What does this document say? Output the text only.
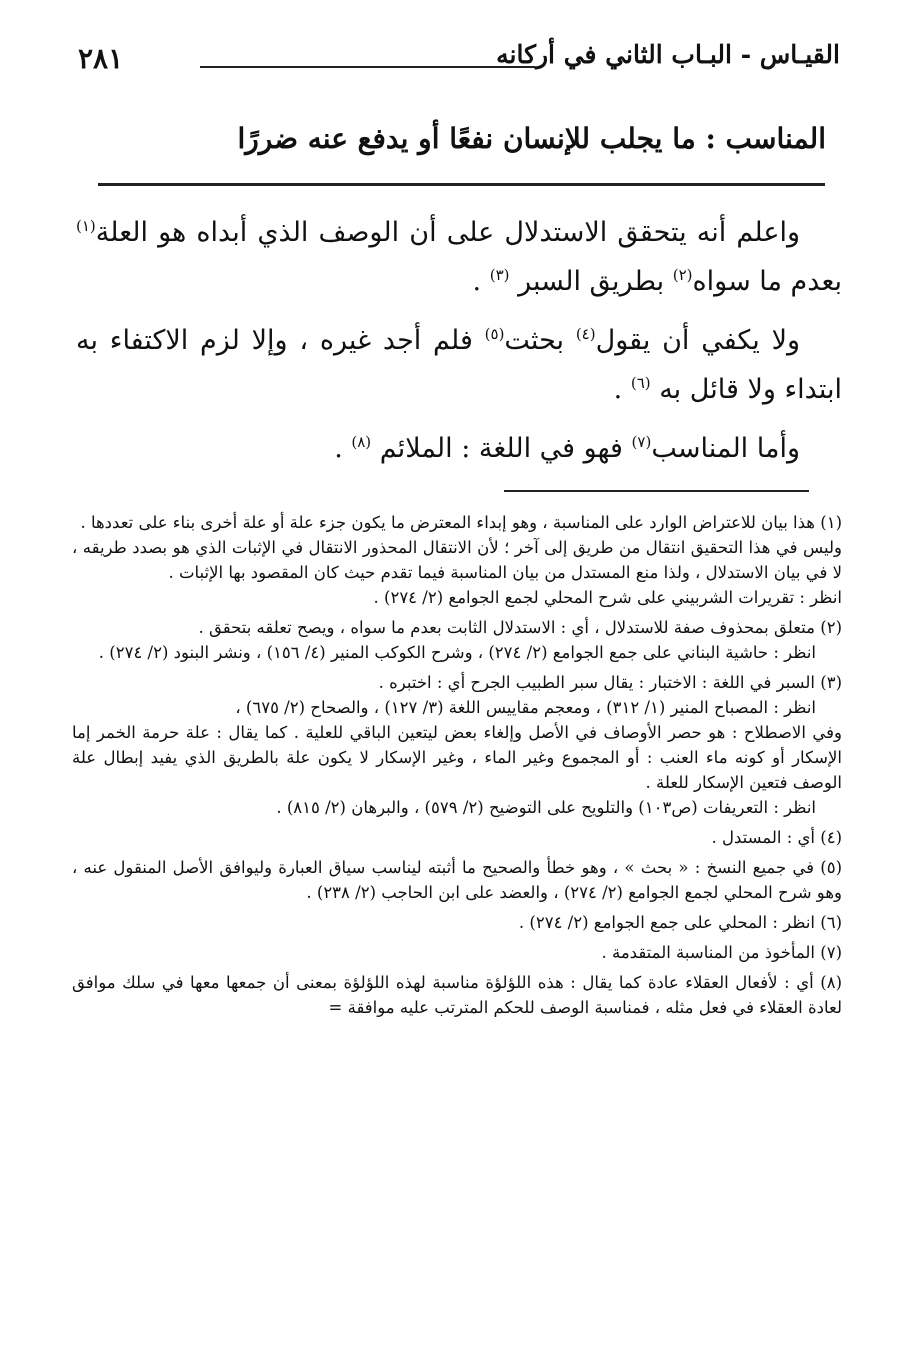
٢٨١	القيـاس - البـاب الثاني في أركانه
المناسب : ما يجلب للإنسان نفعًا أو يدفع عنه ضررًا

واعلم أنه يتحقق الاستدلال على أن الوصف الذي أبداه هو العلة$^{(١)}$ بعدم ما سواه$^{(٢)}$ بطريق السبر $^{(٣)}$ .

ولا يكفي أن يقول$^{(٤)}$ بحثت$^{(٥)}$ فلم أجد غيره ، وإلا لزم الاكتفاء به ابتداء ولا قائل به $^{(٦)}$ .

وأما المناسب$^{(٧)}$ فهو في اللغة : الملائم $^{(٨)}$ .

(١) هذا بيان للاعتراض الوارد على المناسبة ، وهو إبداء المعترض ما يكون جزء علة أو علة أخرى بناء على تعددها .

وليس في هذا التحقيق انتقال من طريق إلى آخر ؛ لأن الانتقال المحذور الانتقال في الإثبات الذي هو بصدد طريقه ، لا في بيان الاستدلال ، ولذا منع المستدل من بيان المناسبة فيما تقدم حيث كان المقصود بها الإثبات .

انظر : تقريرات الشربيني على شرح المحلي لجمع الجوامع (٢/ ٢٧٤) .

(٢) متعلق بمحذوف صفة للاستدلال ، أي : الاستدلال الثابت بعدم ما سواه ، ويصح تعلقه بتحقق .

انظر : حاشية البناني على جمع الجوامع (٢/ ٢٧٤) ، وشرح الكوكب المنير (٤/ ١٥٦) ، ونشر البنود (٢/ ٢٧٤) .

(٣) السبر في اللغة : الاختبار : يقال سبر الطبيب الجرح أي : اختبره .

انظر : المصباح المنير (١/ ٣١٢) ، ومعجم مقاييس اللغة (٣/ ١٢٧) ، والصحاح (٢/ ٦٧٥) ،

وفي الاصطلاح : هو حصر الأوصاف في الأصل وإلغاء بعض ليتعين الباقي للعلية . كما يقال : علة حرمة الخمر إما الإسكار أو كونه ماء العنب : أو المجموع وغير الماء ، وغير الإسكار لا يكون علة بالطريق الذي يفيد إبطال علة الوصف فتعين الإسكار للعلة .

انظر : التعريفات (ص١٠٣) والتلويح على التوضيح (٢/ ٥٧٩) ، والبرهان (٢/ ٨١٥) .

(٤) أي : المستدل .

(٥) في جميع النسخ : « بحث » ، وهو خطأ والصحيح ما أثبته ليناسب سياق العبارة وليوافق الأصل المنقول عنه ، وهو شرح المحلي لجمع الجوامع (٢/ ٢٧٤) ، والعضد على ابن الحاجب (٢/ ٢٣٨) .

(٦) انظر : المحلي على جمع الجوامع (٢/ ٢٧٤) .

(٧) المأخوذ من المناسبة المتقدمة .

(٨) أي : لأفعال العقلاء عادة كما يقال : هذه اللؤلؤة مناسبة لهذه اللؤلؤة بمعنى أن جمعها معها في سلك موافق لعادة العقلاء في فعل مثله ، فمناسبة الوصف للحكم المترتب عليه موافقة =
